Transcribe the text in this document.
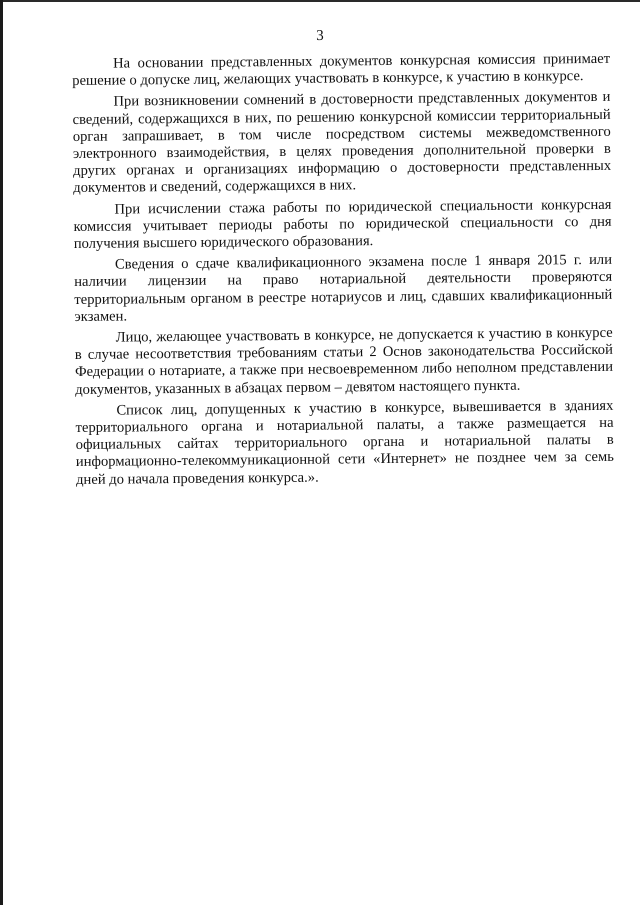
3

На основании представленных документов конкурсная комиссия принимает решение о допуске лиц, желающих участвовать в конкурсе, к участию в конкурсе.

При возникновении сомнений в достоверности представленных документов и сведений, содержащихся в них, по решению конкурсной комиссии территориальный орган запрашивает, в том числе посредством системы межведомственного электронного взаимодействия, в целях проведения дополнительной проверки в других органах и организациях информацию о достоверности представленных документов и сведений, содержащихся в них.

При исчислении стажа работы по юридической специальности конкурсная комиссия учитывает периоды работы по юридической специальности со дня получения высшего юридического образования.

Сведения о сдаче квалификационного экзамена после 1 января 2015 г. или наличии лицензии на право нотариальной деятельности проверяются территориальным органом в реестре нотариусов и лиц, сдавших квалификационный экзамен.

Лицо, желающее участвовать в конкурсе, не допускается к участию в конкурсе в случае несоответствия требованиям статьи 2 Основ законодательства Российской Федерации о нотариате, а также при несвоевременном либо неполном представлении документов, указанных в абзацах первом – девятом настоящего пункта.

Список лиц, допущенных к участию в конкурсе, вывешивается в зданиях территориального органа и нотариальной палаты, а также размещается на официальных сайтах территориального органа и нотариальной палаты в информационно-телекоммуникационной сети «Интернет» не позднее чем за семь дней до начала проведения конкурса.».
